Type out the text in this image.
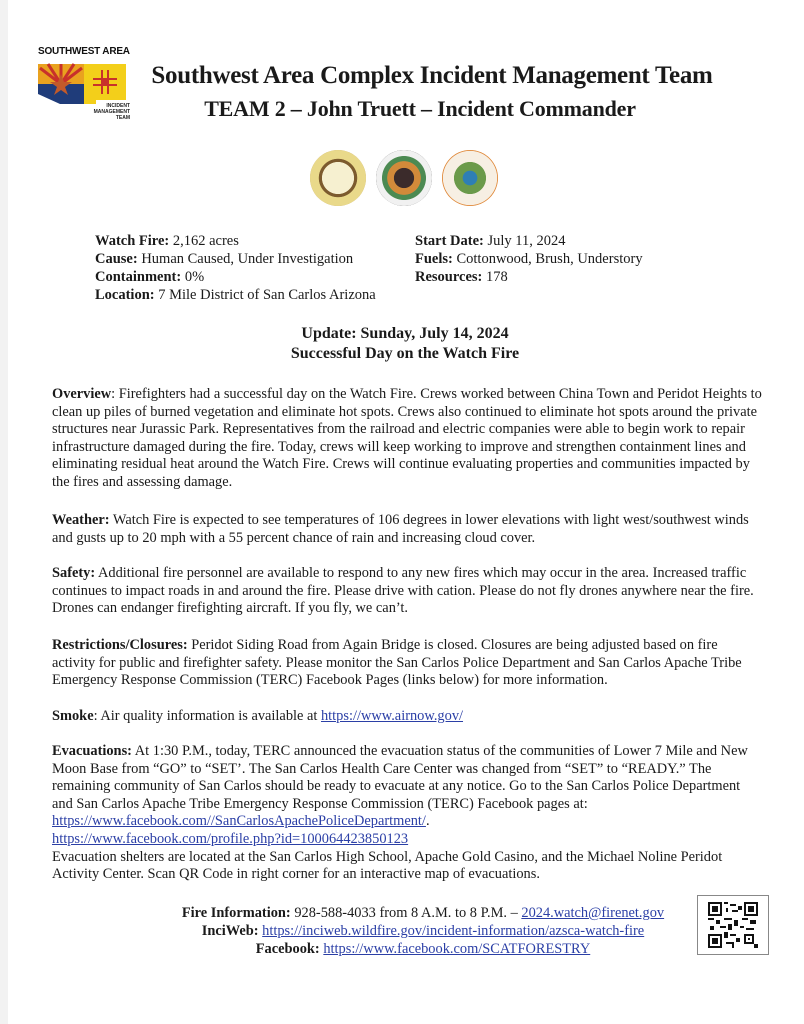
SOUTHWEST AREA
INCIDENT
MANAGEMENT
TEAM
Southwest Area Complex Incident Management Team
TEAM 2 – John Truett – Incident Commander
Watch Fire: 2,162 acres
Cause: Human Caused, Under Investigation
Containment: 0%
Location: 7 Mile District of San Carlos Arizona
Start Date: July 11, 2024
Fuels: Cottonwood, Brush, Understory
Resources: 178
Update: Sunday, July 14, 2024
Successful Day on the Watch Fire

Overview: Firefighters had a successful day on the Watch Fire. Crews worked between China Town and Peridot Heights to clean up piles of burned vegetation and eliminate hot spots. Crews also continued to eliminate hot spots around the private structures near Jurassic Park. Representatives from the railroad and electric companies were able to begin work to repair infrastructure damaged during the fire. Today, crews will keep working to improve and strengthen containment lines and eliminating residual heat around the Watch Fire. Crews will continue evaluating properties and communities impacted by the fires and assessing damage.

Weather: Watch Fire is expected to see temperatures of 106 degrees in lower elevations with light west/southwest winds and gusts up to 20 mph with a 55 percent chance of rain and increasing cloud cover.

Safety: Additional fire personnel are available to respond to any new fires which may occur in the area. Increased traffic continues to impact roads in and around the fire. Please drive with cation. Please do not fly drones anywhere near the fire. Drones can endanger firefighting aircraft. If you fly, we can’t.

Restrictions/Closures: Peridot Siding Road from Again Bridge is closed. Closures are being adjusted based on fire activity for public and firefighter safety. Please monitor the San Carlos Police Department and San Carlos Apache Tribe Emergency Response Commission (TERC) Facebook Pages (links below) for more information.

Smoke: Air quality information is available at https://www.airnow.gov/

Evacuations: At 1:30 P.M., today, TERC announced the evacuation status of the communities of Lower 7 Mile and New Moon Base from “GO” to “SET’. The San Carlos Health Care Center was changed from “SET” to “READY.” The remaining community of San Carlos should be ready to evacuate at any notice. Go to the San Carlos Police Department and San Carlos Apache Tribe Emergency Response Commission (TERC) Facebook pages at: https://www.facebook.com//SanCarlosApachePoliceDepartment/.
https://www.facebook.com/profile.php?id=100064423850123
Evacuation shelters are located at the San Carlos High School, Apache Gold Casino, and the Michael Noline Peridot Activity Center. Scan QR Code in right corner for an interactive map of evacuations.

Fire Information: 928-588-4033 from 8 A.M. to 8 P.M. – 2024.watch@firenet.gov
InciWeb: https://inciweb.wildfire.gov/incident-information/azsca-watch-fire
Facebook: https://www.facebook.com/SCATFORESTRY
